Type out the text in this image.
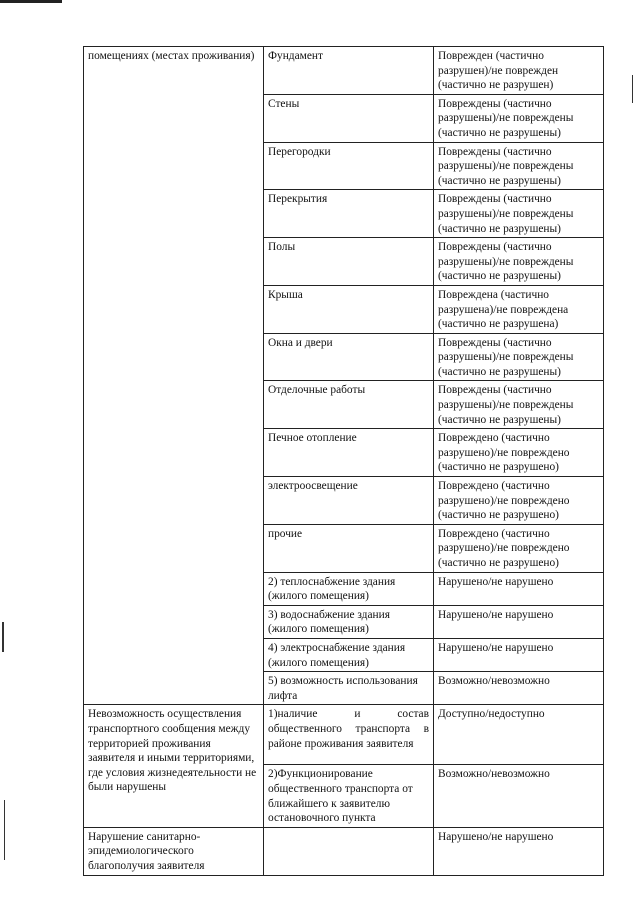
помещениях (местах проживания)	Фундамент	Поврежден (частично разрушен)/не поврежден (частично не разрушен)
	Стены	Повреждены (частично разрушены)/не повреждены (частично не разрушены)
	Перегородки	Повреждены (частично разрушены)/не повреждены (частично не разрушены)
	Перекрытия	Повреждены (частично разрушены)/не повреждены (частично не разрушены)
	Полы	Повреждены (частично разрушены)/не повреждены (частично не разрушены)
	Крыша	Повреждена (частично разрушена)/не повреждена (частично не разрушена)
	Окна и двери	Повреждены (частично разрушены)/не повреждены (частично не разрушены)
	Отделочные работы	Повреждены (частично разрушены)/не повреждены (частично не разрушены)
	Печное отопление	Повреждено (частично разрушено)/не повреждено (частично не разрушено)
	электроосвещение	Повреждено (частично разрушено)/не повреждено (частично не разрушено)
	прочие	Повреждено (частично разрушено)/не повреждено (частично не разрушено)
	2) теплоснабжение здания (жилого помещения)	Нарушено/не нарушено
	3) водоснабжение здания (жилого помещения)	Нарушено/не нарушено
	4) электроснабжение здания (жилого помещения)	Нарушено/не нарушено
	5) возможность использования лифта	Возможно/невозможно
Невозможность осуществления транспортного сообщения между территорией проживания заявителя и иными территориями, где условия жизнедеятельности не были нарушены	1)наличие и состав общественного транспорта в районе проживания заявителя	Доступно/недоступно
	2)Функционирование общественного транспорта от ближайшего к заявителю остановочного пункта	Возможно/невозможно
Нарушение санитарно-эпидемиологического благополучия заявителя		Нарушено/не нарушено
